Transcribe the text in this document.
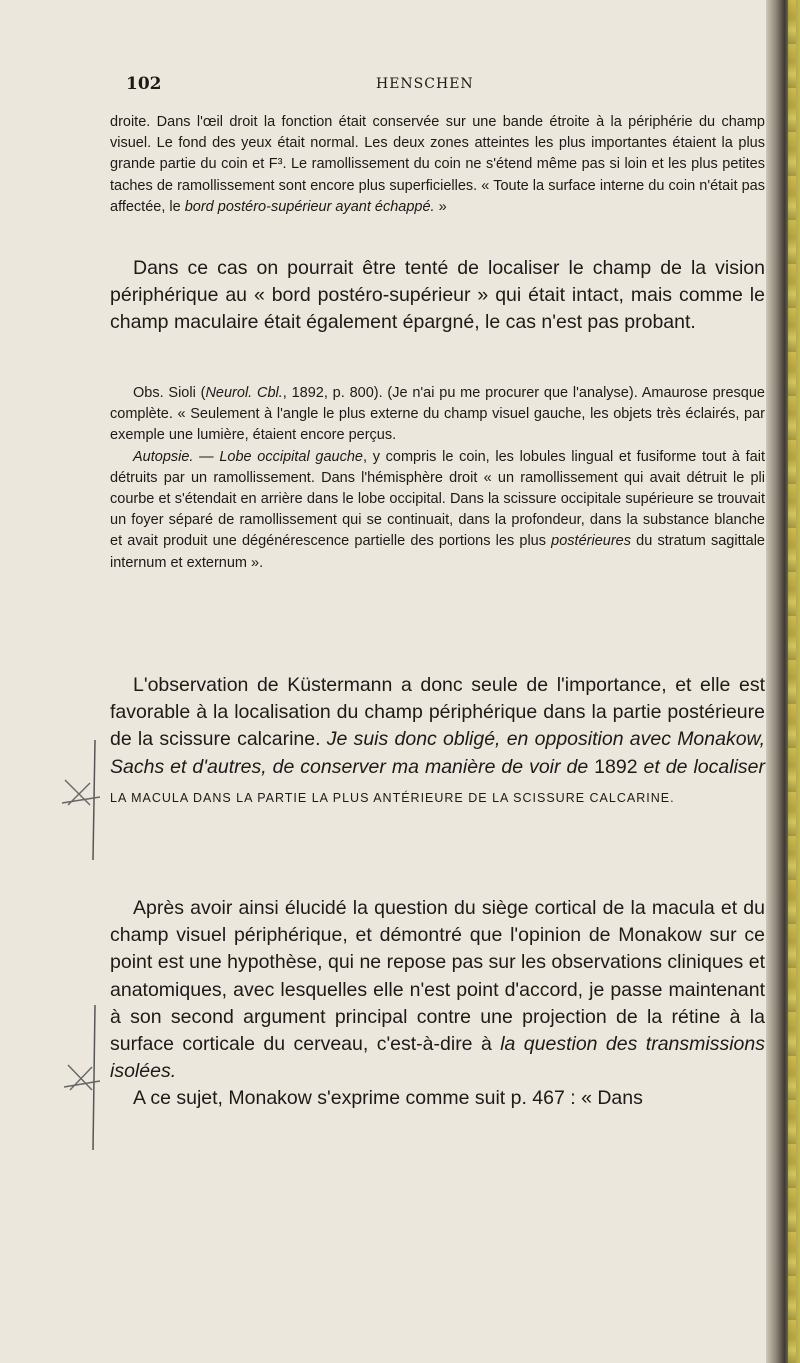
102	HENSCHEN

droite. Dans l'œil droit la fonction était conservée sur une bande étroite à la périphérie du champ visuel. Le fond des yeux était normal. Les deux zones atteintes les plus importantes étaient la plus grande partie du coin et F³. Le ramollissement du coin ne s'étend même pas si loin et les plus petites taches de ramollissement sont encore plus superficielles. « Toute la surface interne du coin n'était pas affectée, le bord postéro-supérieur ayant échappé. »

Dans ce cas on pourrait être tenté de localiser le champ de la vision périphérique au « bord postéro-supérieur » qui était intact, mais comme le champ maculaire était également épargné, le cas n'est pas probant.

Obs. Sioli (Neurol. Cbl., 1892, p. 800). (Je n'ai pu me procurer que l'analyse). Amaurose presque complète. « Seulement à l'angle le plus externe du champ visuel gauche, les objets très éclairés, par exemple une lumière, étaient encore perçus.

Autopsie. — Lobe occipital gauche, y compris le coin, les lobules lingual et fusiforme tout à fait détruits par un ramollissement. Dans l'hémisphère droit « un ramollissement qui avait détruit le pli courbe et s'étendait en arrière dans le lobe occipital. Dans la scissure occipitale supérieure se trouvait un foyer séparé de ramollissement qui se continuait, dans la profondeur, dans la substance blanche et avait produit une dégénérescence partielle des portions les plus postérieures du stratum sagittale internum et externum ».

L'observation de Küstermann a donc seule de l'importance, et elle est favorable à la localisation du champ périphérique dans la partie postérieure de la scissure calcarine. Je suis donc obligé, en opposition avec Monakow, Sachs et d'autres, de conserver ma manière de voir de 1892 et de localiser LA MACULA DANS LA PARTIE LA PLUS ANTÉRIEURE DE LA SCISSURE CALCARINE.

Après avoir ainsi élucidé la question du siège cortical de la macula et du champ visuel périphérique, et démontré que l'opinion de Monakow sur ce point est une hypothèse, qui ne repose pas sur les observations cliniques et anatomiques, avec lesquelles elle n'est point d'accord, je passe maintenant à son second argument principal contre une projection de la rétine à la surface corticale du cerveau, c'est-à-dire à la question des transmissions isolées.

A ce sujet, Monakow s'exprime comme suit p. 467 : « Dans
